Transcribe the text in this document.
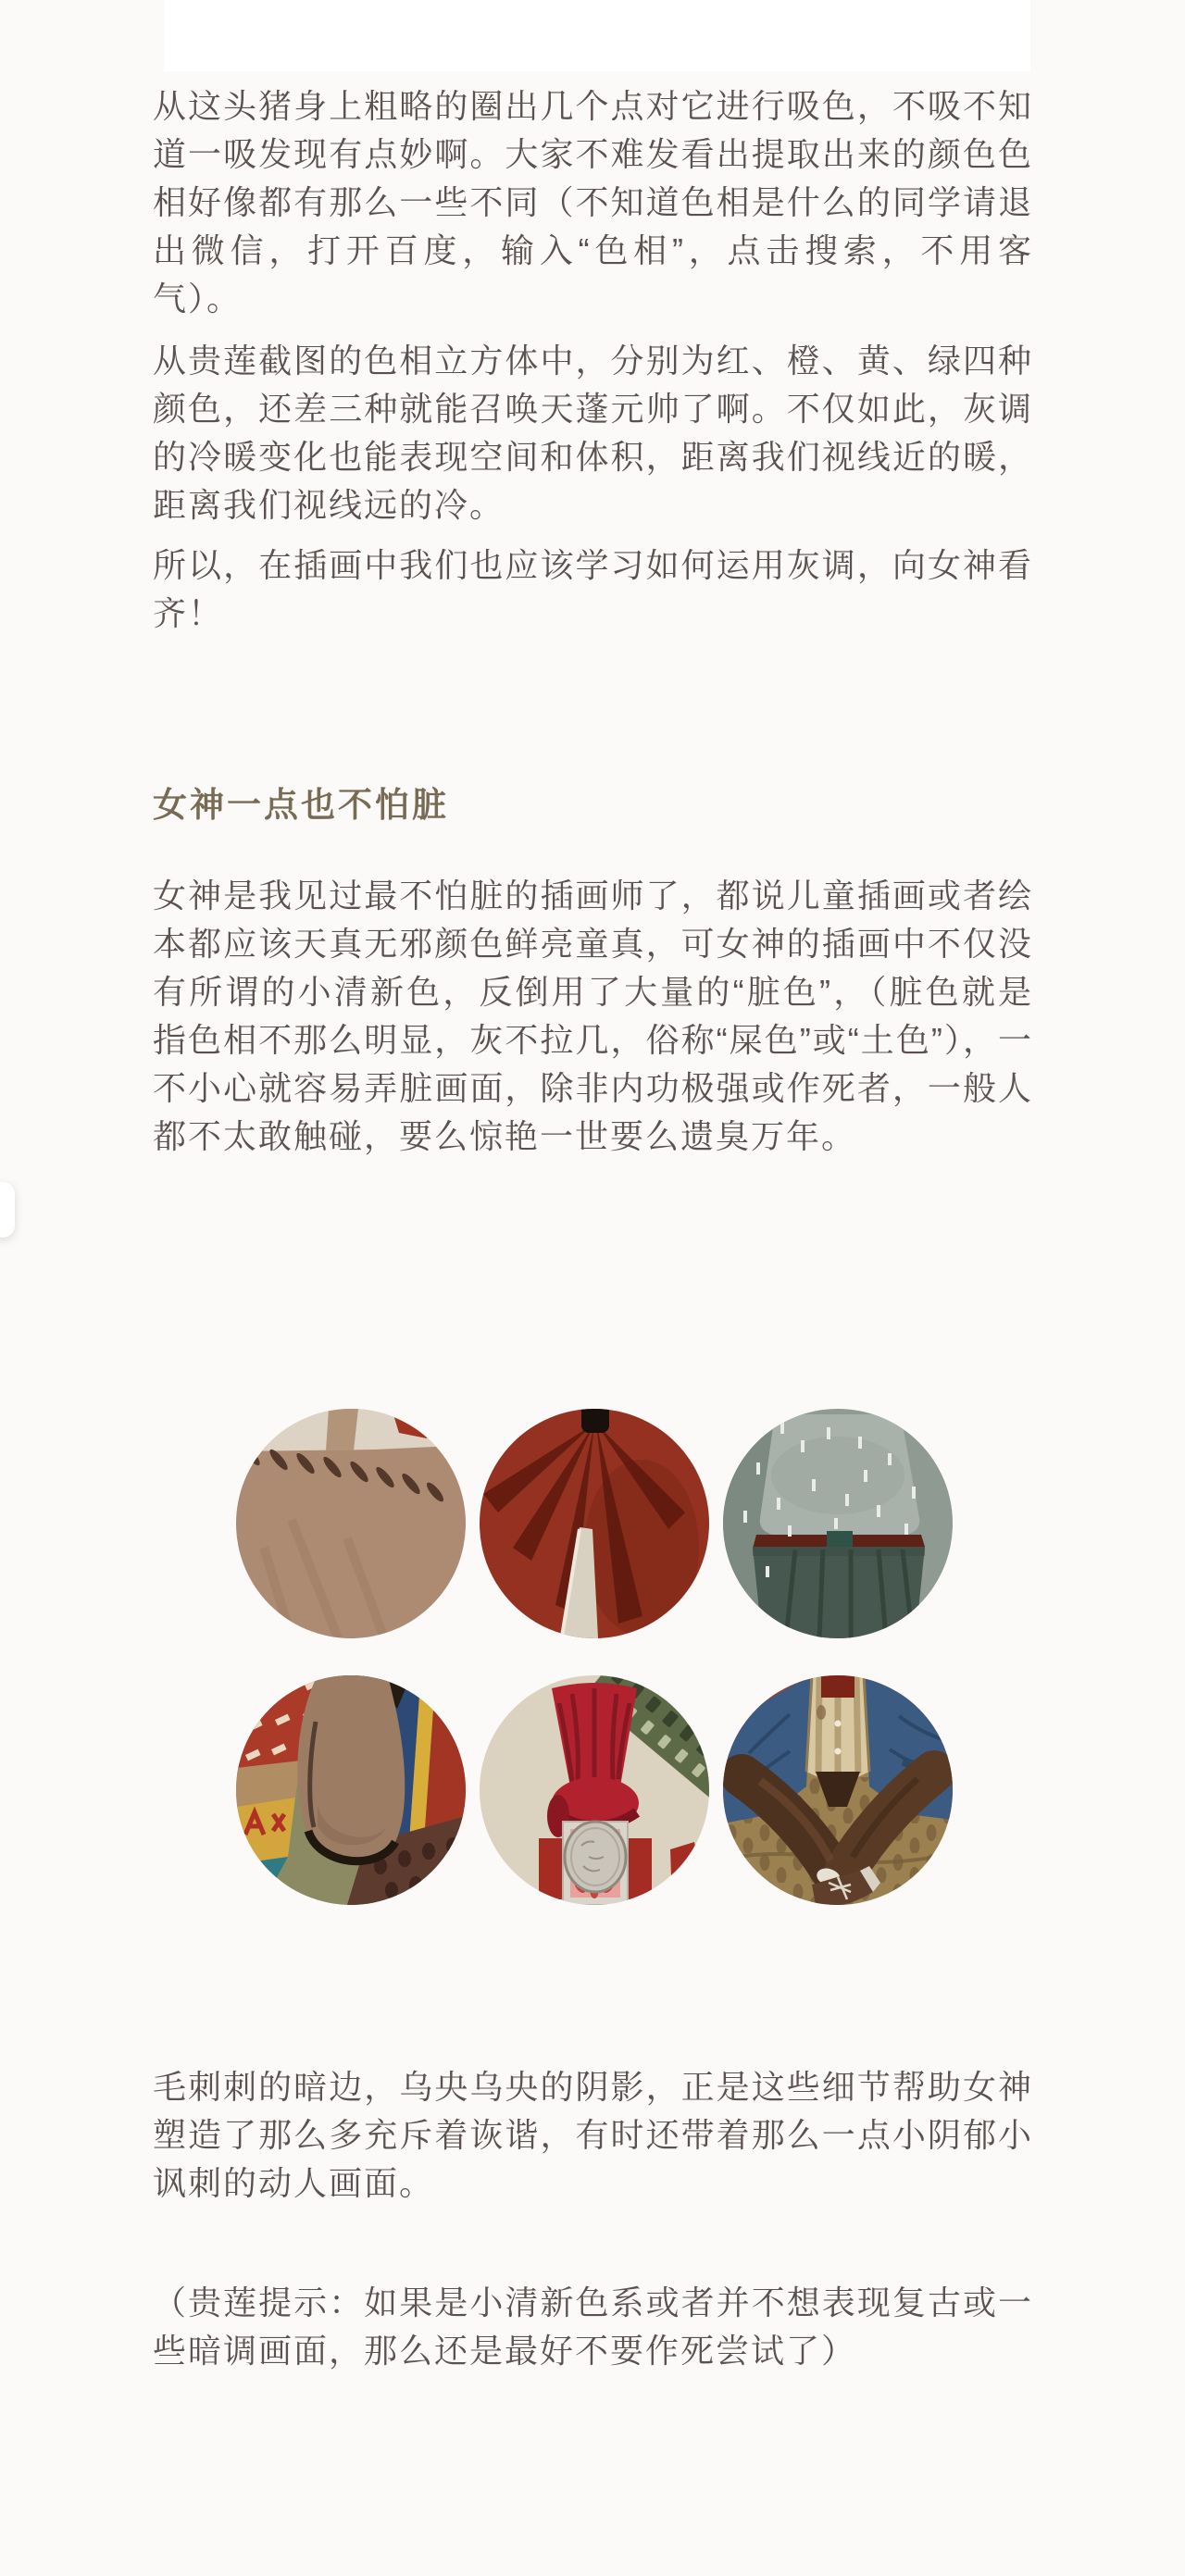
从这头猪身上粗略的圈出几个点对它进行吸色，不吸不知道一吸发现有点妙啊。大家不难发看出提取出来的颜色色相好像都有那么一些不同（不知道色相是什么的同学请退出微信，打开百度，输入“色相”，点击搜索，不用客气）。

从贵莲截图的色相立方体中，分别为红、橙、黄、绿四种颜色，还差三种就能召唤天蓬元帅了啊。不仅如此，灰调的冷暖变化也能表现空间和体积，距离我们视线近的暖，距离我们视线远的冷。

所以，在插画中我们也应该学习如何运用灰调，向女神看齐！

女神一点也不怕脏

女神是我见过最不怕脏的插画师了，都说儿童插画或者绘本都应该天真无邪颜色鲜亮童真，可女神的插画中不仅没有所谓的小清新色，反倒用了大量的“脏色”，（脏色就是指色相不那么明显，灰不拉几，俗称“屎色”或“土色”），一不小心就容易弄脏画面，除非内功极强或作死者，一般人都不太敢触碰，要么惊艳一世要么遗臭万年。

毛刺刺的暗边，乌央乌央的阴影，正是这些细节帮助女神塑造了那么多充斥着诙谐，有时还带着那么一点小阴郁小讽刺的动人画面。

（贵莲提示：如果是小清新色系或者并不想表现复古或一些暗调画面，那么还是最好不要作死尝试了）
